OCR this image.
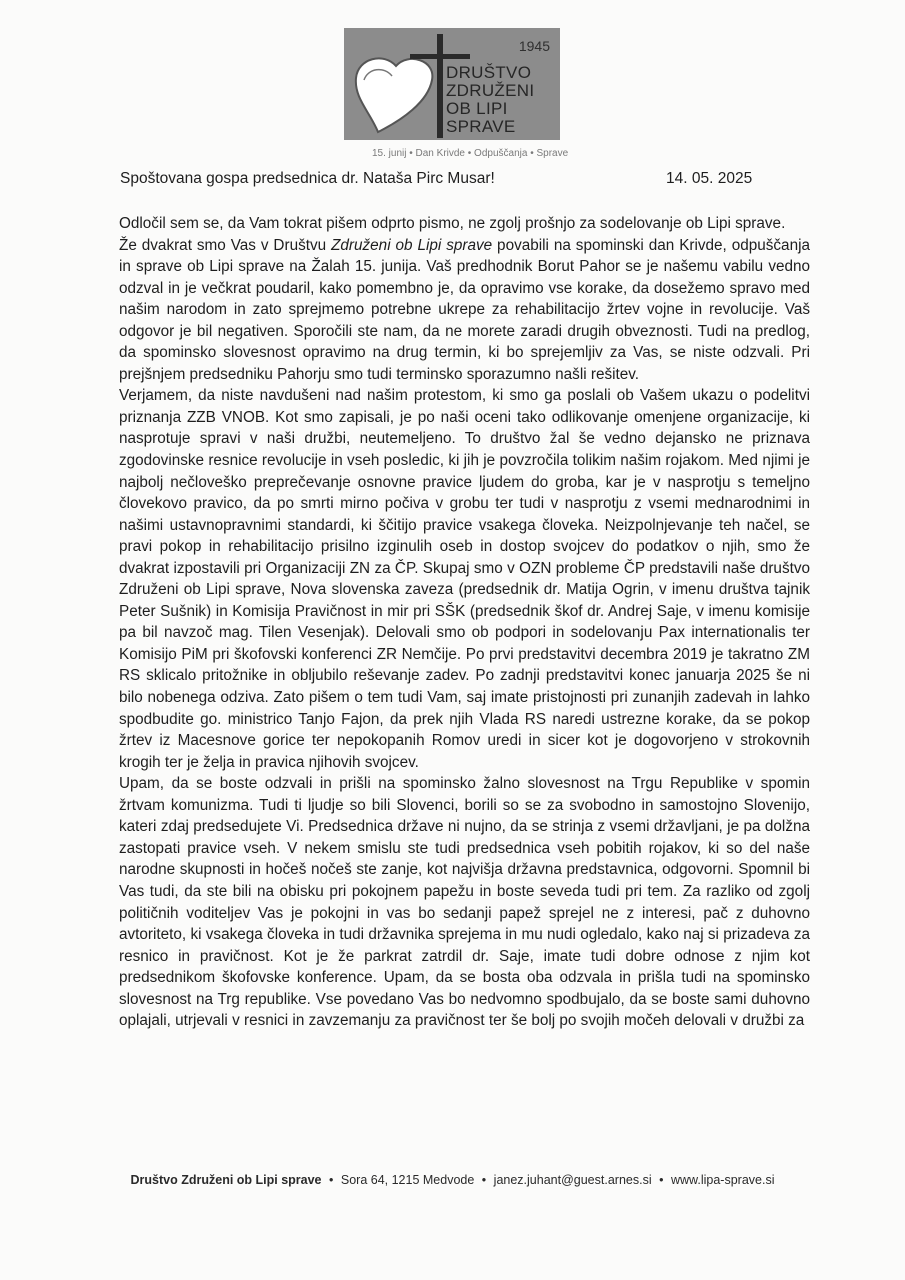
1945
DRUŠTVO
ZDRUŽENI
OB LIPI
SPRAVE
15. junij • Dan Krivde • Odpuščanja • Sprave
Spoštovana gospa predsednica dr. Nataša Pirc Musar!	14. 05. 2025

Odločil sem se, da Vam tokrat pišem odprto pismo, ne zgolj prošnjo za sodelovanje ob Lipi sprave.

Že dvakrat smo Vas v Društvu Združeni ob Lipi sprave povabili na spominski dan Krivde, odpuščanja in sprave ob Lipi sprave na Žalah 15. junija. Vaš predhodnik Borut Pahor se je našemu vabilu vedno odzval in je večkrat poudaril, kako pomembno je, da opravimo vse korake, da dosežemo spravo med našim narodom in zato sprejmemo potrebne ukrepe za rehabilitacijo žrtev vojne in revolucije. Vaš odgovor je bil negativen. Sporočili ste nam, da ne morete zaradi drugih obveznosti. Tudi na predlog, da spominsko slovesnost opravimo na drug termin, ki bo sprejemljiv za Vas, se niste odzvali. Pri prejšnjem predsedniku Pahorju smo tudi terminsko sporazumno našli rešitev.

Verjamem, da niste navdušeni nad našim protestom, ki smo ga poslali ob Vašem ukazu o podelitvi priznanja ZZB VNOB. Kot smo zapisali, je po naši oceni tako odlikovanje omenjene organizacije, ki nasprotuje spravi v naši družbi, neutemeljeno. To društvo žal še vedno dejansko ne priznava zgodovinske resnice revolucije in vseh posledic, ki jih je povzročila tolikim našim rojakom. Med njimi je najbolj nečloveško preprečevanje osnovne pravice ljudem do groba, kar je v nasprotju s temeljno človekovo pravico, da po smrti mirno počiva v grobu ter tudi v nasprotju z vsemi mednarodnimi in našimi ustavnopravnimi standardi, ki ščitijo pravice vsakega človeka. Neizpolnjevanje teh načel, se pravi pokop in rehabilitacijo prisilno izginulih oseb in dostop svojcev do podatkov o njih, smo že dvakrat izpostavili pri Organizaciji ZN za ČP. Skupaj smo v OZN probleme ČP predstavili naše društvo Združeni ob Lipi sprave, Nova slovenska zaveza (predsednik dr. Matija Ogrin, v imenu društva tajnik Peter Sušnik) in Komisija Pravičnost in mir pri SŠK (predsednik škof dr. Andrej Saje, v imenu komisije pa bil navzoč mag. Tilen Vesenjak). Delovali smo ob podpori in sodelovanju Pax internationalis ter Komisijo PiM pri škofovski konferenci ZR Nemčije. Po prvi predstavitvi decembra 2019 je takratno ZM RS sklicalo pritožnike in obljubilo reševanje zadev. Po zadnji predstavitvi konec januarja 2025 še ni bilo nobenega odziva. Zato pišem o tem tudi Vam, saj imate pristojnosti pri zunanjih zadevah in lahko spodbudite go. ministrico Tanjo Fajon, da prek njih Vlada RS naredi ustrezne korake, da se pokop žrtev iz Macesnove gorice ter nepokopanih Romov uredi in sicer kot je dogovorjeno v strokovnih krogih ter je želja in pravica njihovih svojcev.

Upam, da se boste odzvali in prišli na spominsko žalno slovesnost na Trgu Republike v spomin žrtvam komunizma. Tudi ti ljudje so bili Slovenci, borili so se za svobodno in samostojno Slovenijo, kateri zdaj predsedujete Vi. Predsednica države ni nujno, da se strinja z vsemi državljani, je pa dolžna zastopati pravice vseh. V nekem smislu ste tudi predsednica vseh pobitih rojakov, ki so del naše narodne skupnosti in hočeš nočeš ste zanje, kot najvišja državna predstavnica, odgovorni. Spomnil bi Vas tudi, da ste bili na obisku pri pokojnem papežu in boste seveda tudi pri tem. Za razliko od zgolj političnih voditeljev Vas je pokojni in vas bo sedanji papež sprejel ne z interesi, pač z duhovno avtoriteto, ki vsakega človeka in tudi državnika sprejema in mu nudi ogledalo, kako naj si prizadeva za resnico in pravičnost. Kot je že parkrat zatrdil dr. Saje, imate tudi dobre odnose z njim kot predsednikom škofovske konference. Upam, da se bosta oba odzvala in prišla tudi na spominsko slovesnost na Trg republike. Vse povedano Vas bo nedvomno spodbujalo, da se boste sami duhovno oplajali, utrjevali v resnici in zavzemanju za pravičnost ter še bolj po svojih močeh delovali v družbi za

Društvo Združeni ob Lipi sprave • Sora 64, 1215 Medvode • janez.juhant@guest.arnes.si • www.lipa-sprave.si
